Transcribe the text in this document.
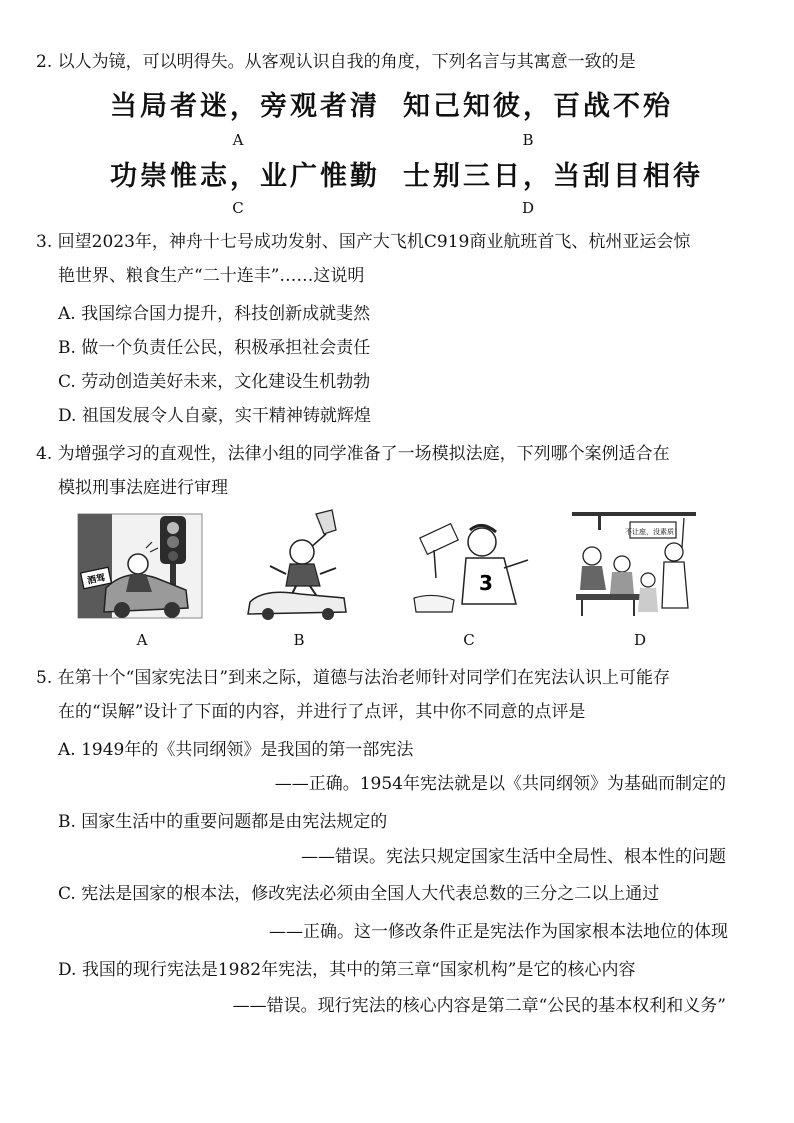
2. 以人为镜，可以明得失。从客观认识自我的角度，下列名言与其寓意一致的是
当局者迷，旁观者清
A
知己知彼，百战不殆
B
功崇惟志，业广惟勤
C
士别三日，当刮目相待
D
3. 回望2023年，神舟十七号成功发射、国产大飞机C919商业航班首飞、杭州亚运会惊
艳世界、粮食生产“二十连丰”……这说明
A. 我国综合国力提升，科技创新成就斐然
B. 做一个负责任公民，积极承担社会责任
C. 劳动创造美好未来，文化建设生机勃勃
D. 祖国发展令人自豪，实干精神铸就辉煌
4. 为增强学习的直观性，法律小组的同学准备了一场模拟法庭，下列哪个案例适合在
模拟刑事法庭进行审理
酒驾
A	B
3
C
不让座，没素质！
D
5. 在第十个“国家宪法日”到来之际，道德与法治老师针对同学们在宪法认识上可能存
在的“误解”设计了下面的内容，并进行了点评，其中你不同意的点评是
A. 1949年的《共同纲领》是我国的第一部宪法
——正确。1954年宪法就是以《共同纲领》为基础而制定的
B. 国家生活中的重要问题都是由宪法规定的
——错误。宪法只规定国家生活中全局性、根本性的问题
C. 宪法是国家的根本法，修改宪法必须由全国人大代表总数的三分之二以上通过
——正确。这一修改条件正是宪法作为国家根本法地位的体现
D. 我国的现行宪法是1982年宪法，其中的第三章“国家机构”是它的核心内容
——错误。现行宪法的核心内容是第二章“公民的基本权利和义务”
